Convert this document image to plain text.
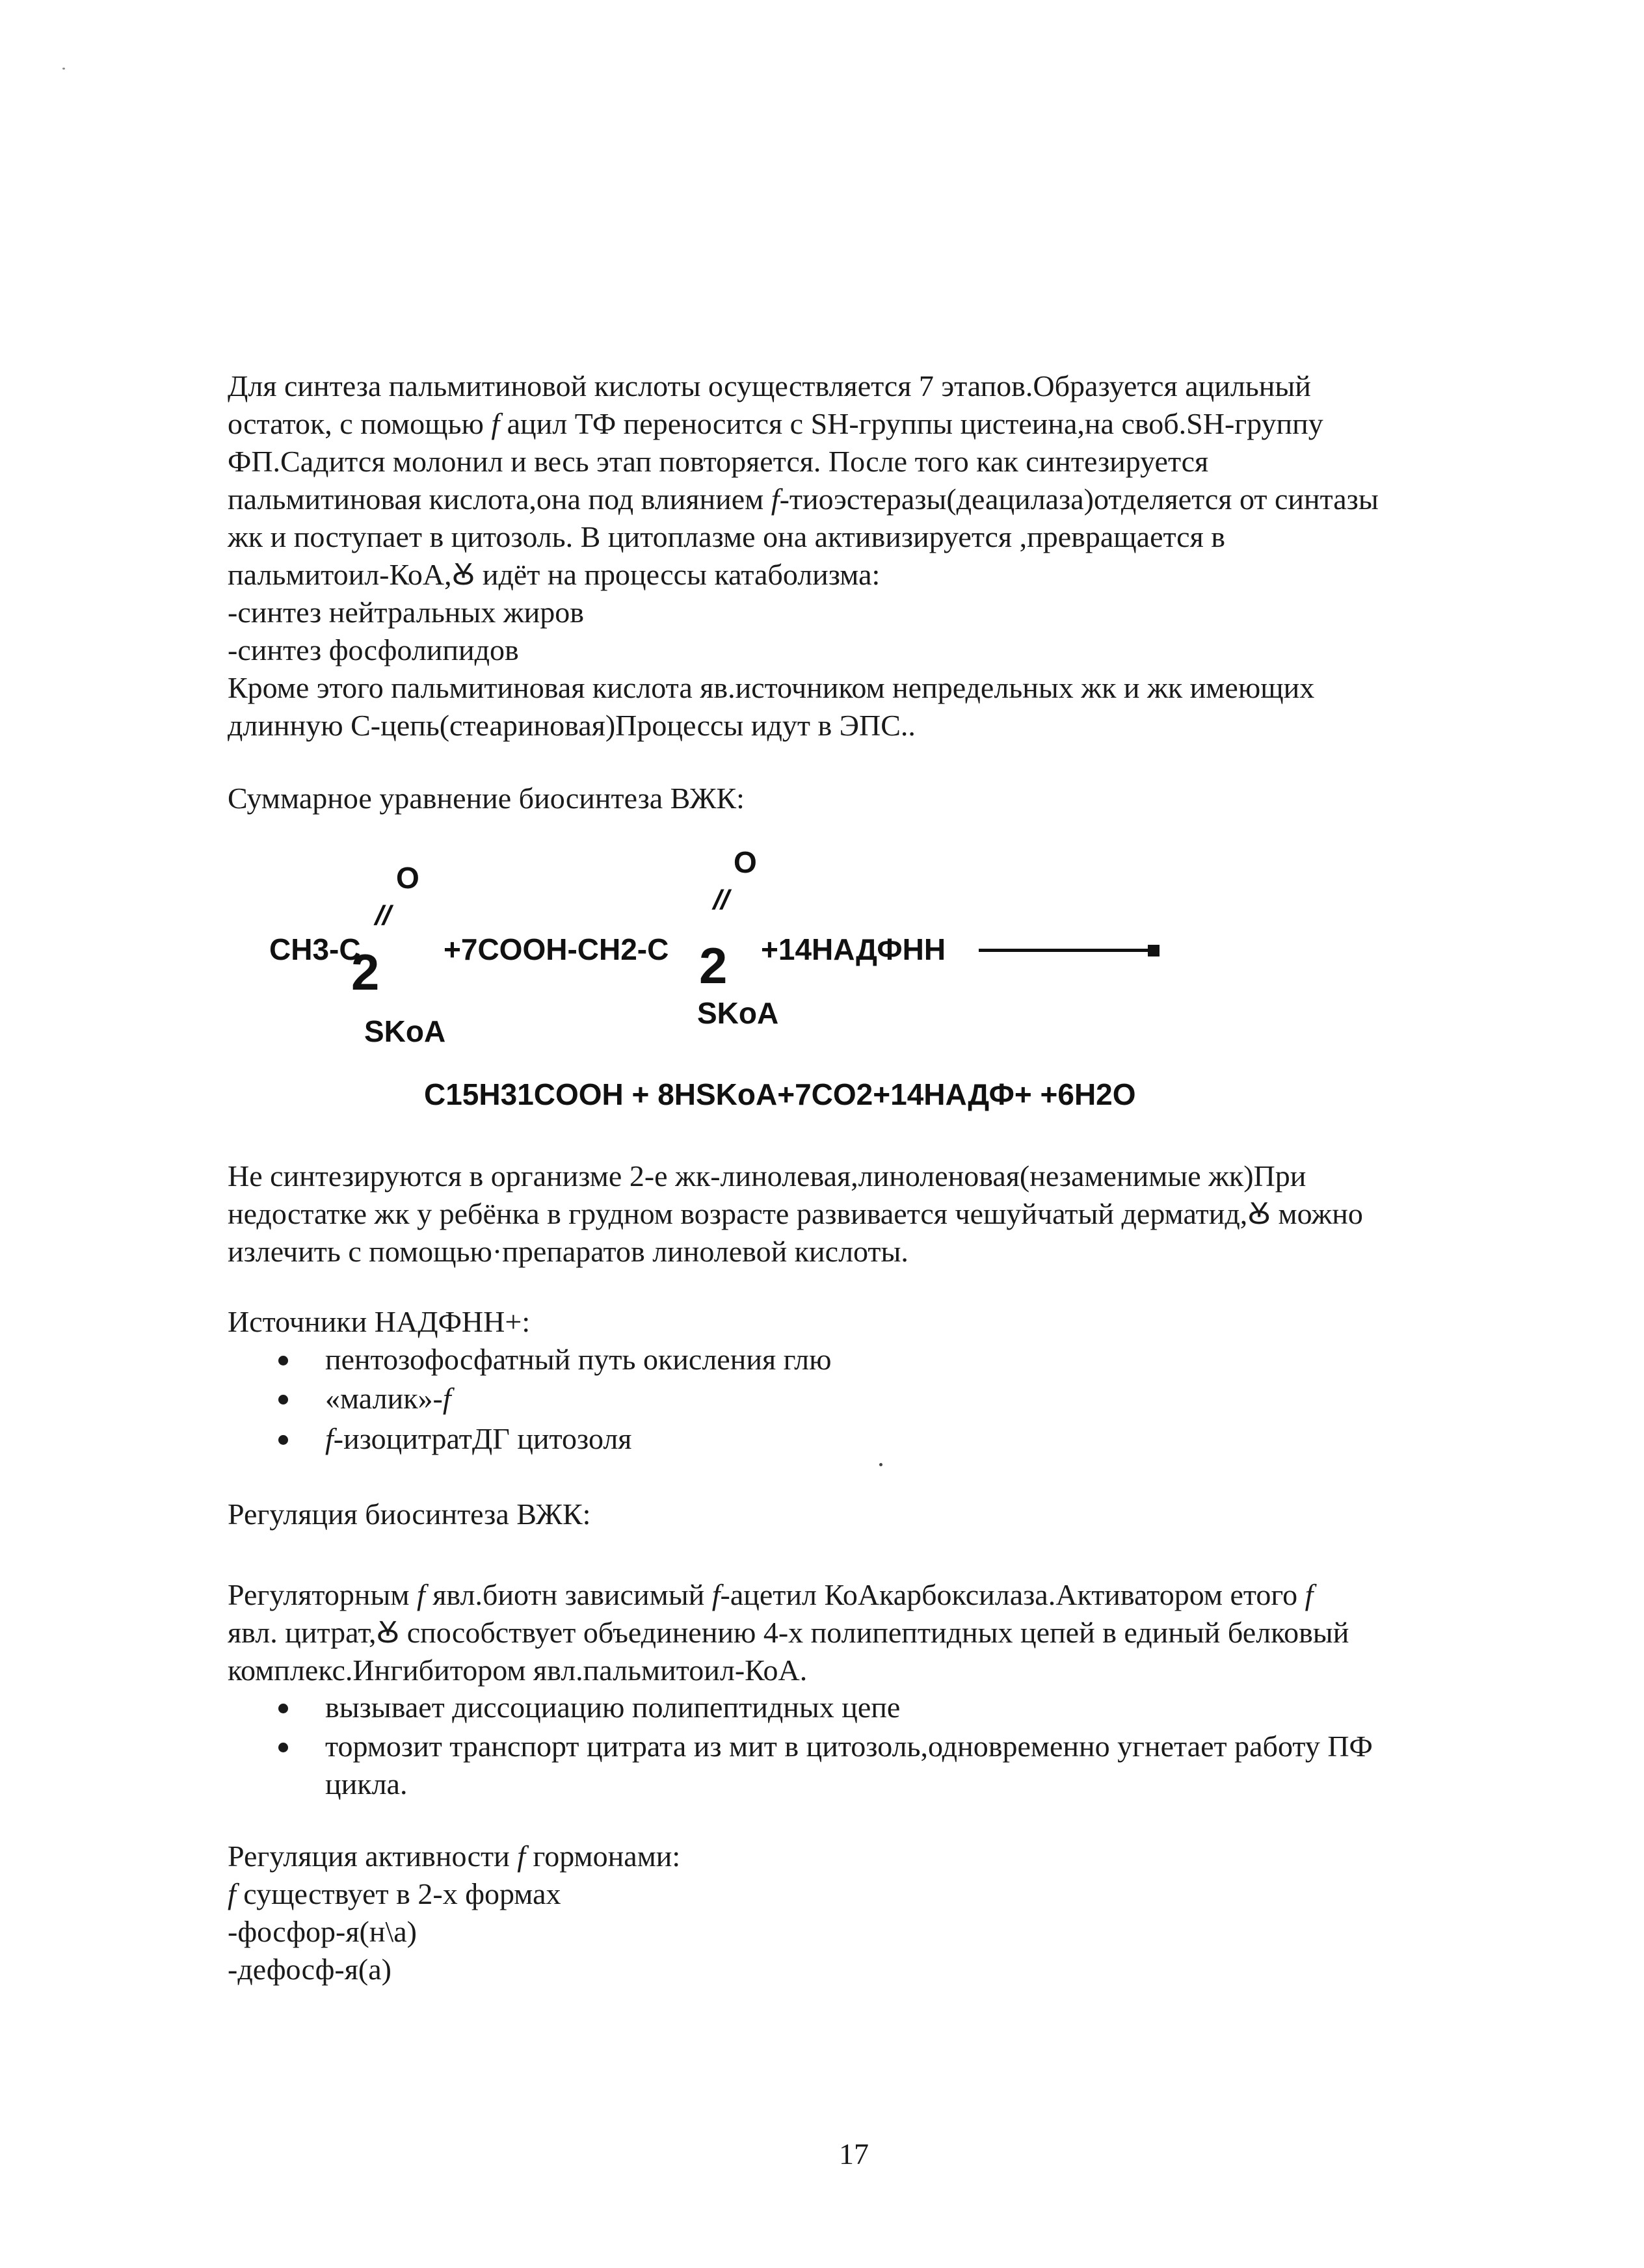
Для синтеза пальмитиновой кислоты осуществляется 7 этапов.Образуется ацильный
остаток, с помощью f ацил ТФ переносится с SH-группы цистеина,на своб.SH-группу
ФП.Садится молонил и весь этап повторяется. После того как синтезируется
пальмитиновая кислота,она под влиянием f-тиоэстеразы(деацилаза)отделяется от синтазы
жк и поступает в цитозоль. В цитоплазме она активизируется ,превращается в
пальмитоил-КоА,Ꙋ идёт на процессы катаболизма:
-синтез нейтральных жиров
-синтез фосфолипидов
Кроме этого пальмитиновая кислота яв.источником непредельных жк и жк имеющих
длинную С-цепь(стеариновая)Процессы идут в ЭПС..
Суммарное уравнение биосинтеза ВЖК:
O
//
CH3-C
2
SKoA
O
//
+7COOH-CH2-C 2
SKoA
+14НАДФНН
C15H31COOH + 8HSKoA+7CO2+14НАДФ+ +6H2O
Не синтезируются в организме 2-е жк-линолевая,линоленовая(незаменимые жк)При
недостатке жк у ребёнка в грудном возрасте развивается чешуйчатый дерматид,Ꙋ можно
излечить с помощью·препаратов линолевой кислоты.
Источники НАДФНН+:
пентозофосфатный путь окисления глю
«малик»-f
f-изоцитратДГ цитозоля
Регуляция биосинтеза ВЖК:
Регуляторным f явл.биотн зависимый f-ацетил КоАкарбоксилаза.Активатором етого f
явл. цитрат,Ꙋ способствует объединению 4-х полипептидных цепей в единый белковый
комплекс.Ингибитором явл.пальмитоил-КоА.
вызывает диссоциацию полипептидных цепе
тормозит транспорт цитрата из мит в цитозоль,одновременно угнетает работу ПФ
цикла.
Регуляция активности f гормонами:
f существует в 2-х формах
-фосфор-я(н\а)
-дефосф-я(а)
17
